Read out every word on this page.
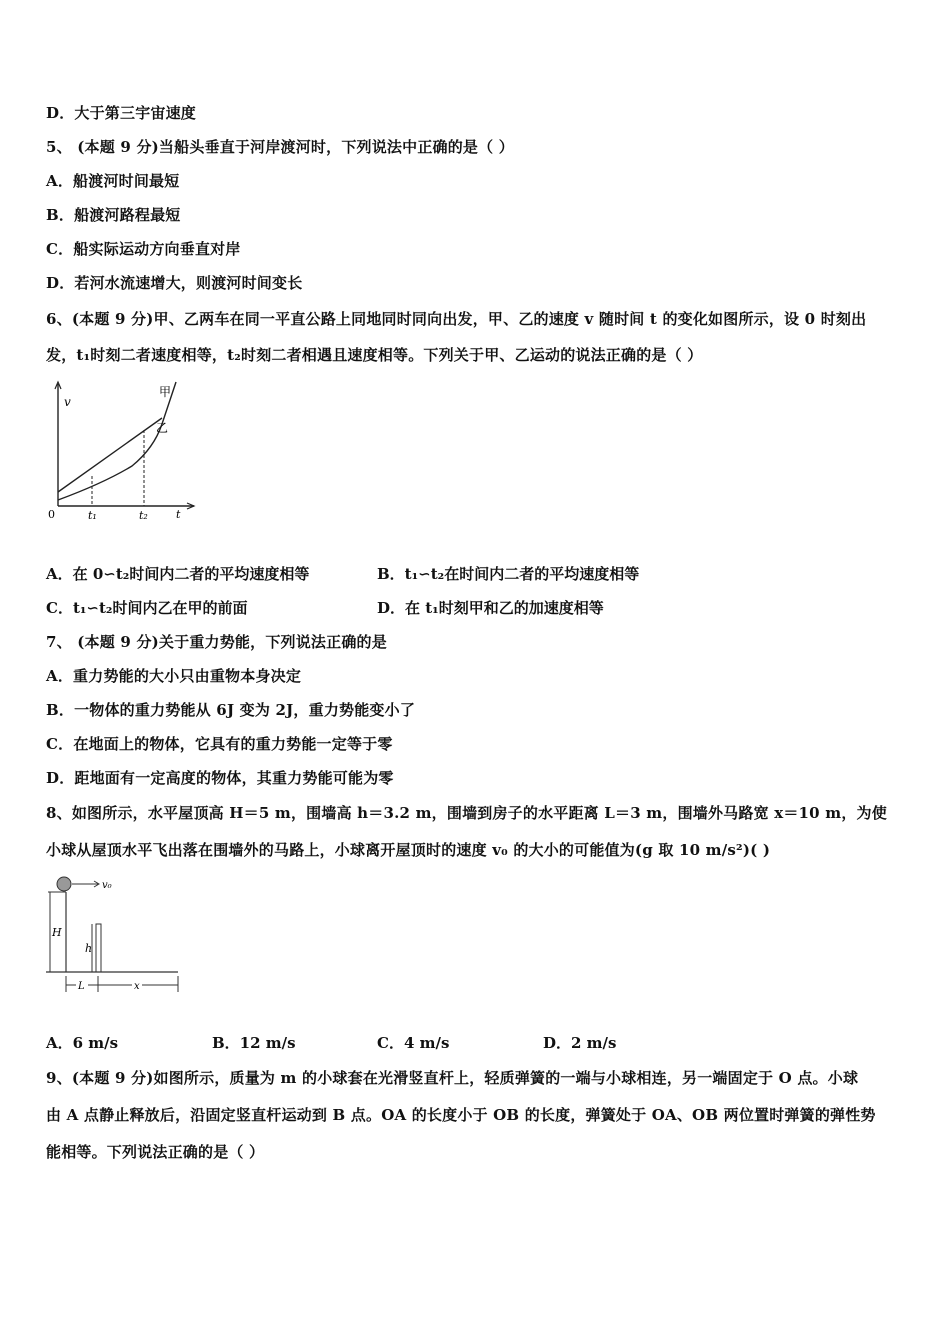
D．大于第三宇宙速度
5、 (本题 9 分)当船头垂直于河岸渡河时，下列说法中正确的是（ ）
A．船渡河时间最短
B．船渡河路程最短
C．船实际运动方向垂直对岸
D．若河水流速增大，则渡河时间变长
6、(本题 9 分)甲、乙两车在同一平直公路上同地同时同向出发，甲、乙的速度 v 随时间 t 的变化如图所示，设 0 时刻出
发，t₁时刻二者速度相等，t₂时刻二者相遇且速度相等。下列关于甲、乙运动的说法正确的是（ ）
v
0	t₁	t₂	t
甲
乙
A．在 0∽t₂时间内二者的平均速度相等	B．t₁∽t₂在时间内二者的平均速度相等
C．t₁∽t₂时间内乙在甲的前面	D．在 t₁时刻甲和乙的加速度相等
7、 (本题 9 分)关于重力势能，下列说法正确的是
A．重力势能的大小只由重物本身决定
B．一物体的重力势能从 6J 变为 2J，重力势能变小了
C．在地面上的物体，它具有的重力势能一定等于零
D．距地面有一定高度的物体，其重力势能可能为零
8、如图所示，水平屋顶高 H＝5 m，围墙高 h＝3.2 m，围墙到房子的水平距离 L＝3 m，围墙外马路宽 x＝10 m，为使
小球从屋顶水平飞出落在围墙外的马路上，小球离开屋顶时的速度 v₀ 的大小的可能值为(g 取 10 m/s²)( )
v₀
H
h
L	x
A．6 m/s	B．12 m/s	C．4 m/s	D．2 m/s
9、(本题 9 分)如图所示，质量为 m 的小球套在光滑竖直杆上，轻质弹簧的一端与小球相连，另一端固定于 O 点。小球
由 A 点静止释放后，沿固定竖直杆运动到 B 点。OA 的长度小于 OB 的长度，弹簧处于 OA、OB 两位置时弹簧的弹性势
能相等。下列说法正确的是（ ）
